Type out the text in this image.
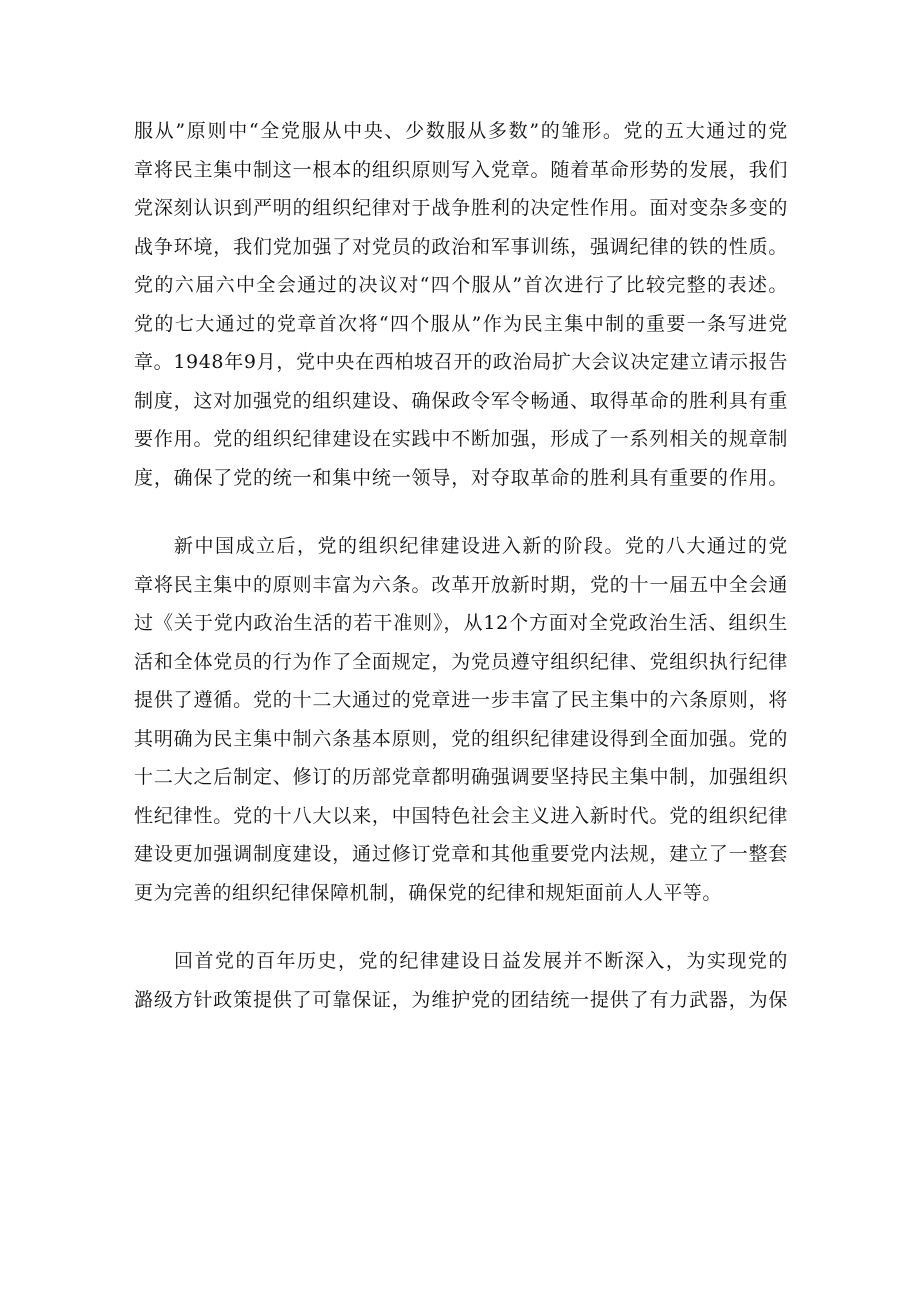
服从”原则中“全党服从中央、少数服从多数”的雏形。党的五大通过的党
章将民主集中制这一根本的组织原则写入党章。随着革命形势的发展，我们
党深刻认识到严明的组织纪律对于战争胜利的决定性作用。面对变杂多变的
战争环境，我们党加强了对党员的政治和军事训练，强调纪律的铁的性质。
党的六届六中全会通过的决议对“四个服从”首次进行了比较完整的表述。
党的七大通过的党章首次将“四个服从”作为民主集中制的重要一条写进党
章。1948年9月，党中央在西柏坡召开的政治局扩大会议决定建立请示报告
制度，这对加强党的组织建设、确保政令军令畅通、取得革命的胜利具有重
要作用。党的组织纪律建设在实践中不断加强，形成了一系列相关的规章制
度，确保了党的统一和集中统一领导，对夺取革命的胜利具有重要的作用。
新中国成立后，党的组织纪律建设进入新的阶段。党的八大通过的党
章将民主集中的原则丰富为六条。改革开放新时期，党的十一届五中全会通
过《关于党内政治生活的若干准则》，从12个方面对全党政治生活、组织生
活和全体党员的行为作了全面规定，为党员遵守组织纪律、党组织执行纪律
提供了遵循。党的十二大通过的党章进一步丰富了民主集中的六条原则，将
其明确为民主集中制六条基本原则，党的组织纪律建设得到全面加强。党的
十二大之后制定、修订的历部党章都明确强调要坚持民主集中制，加强组织
性纪律性。党的十八大以来，中国特色社会主义进入新时代。党的组织纪律
建设更加强调制度建设，通过修订党章和其他重要党内法规，建立了一整套
更为完善的组织纪律保障机制，确保党的纪律和规矩面前人人平等。
回首党的百年历史，党的纪律建设日益发展并不断深入，为实现党的
潞级方针政策提供了可靠保证，为维护党的团结统一提供了有力武器，为保
